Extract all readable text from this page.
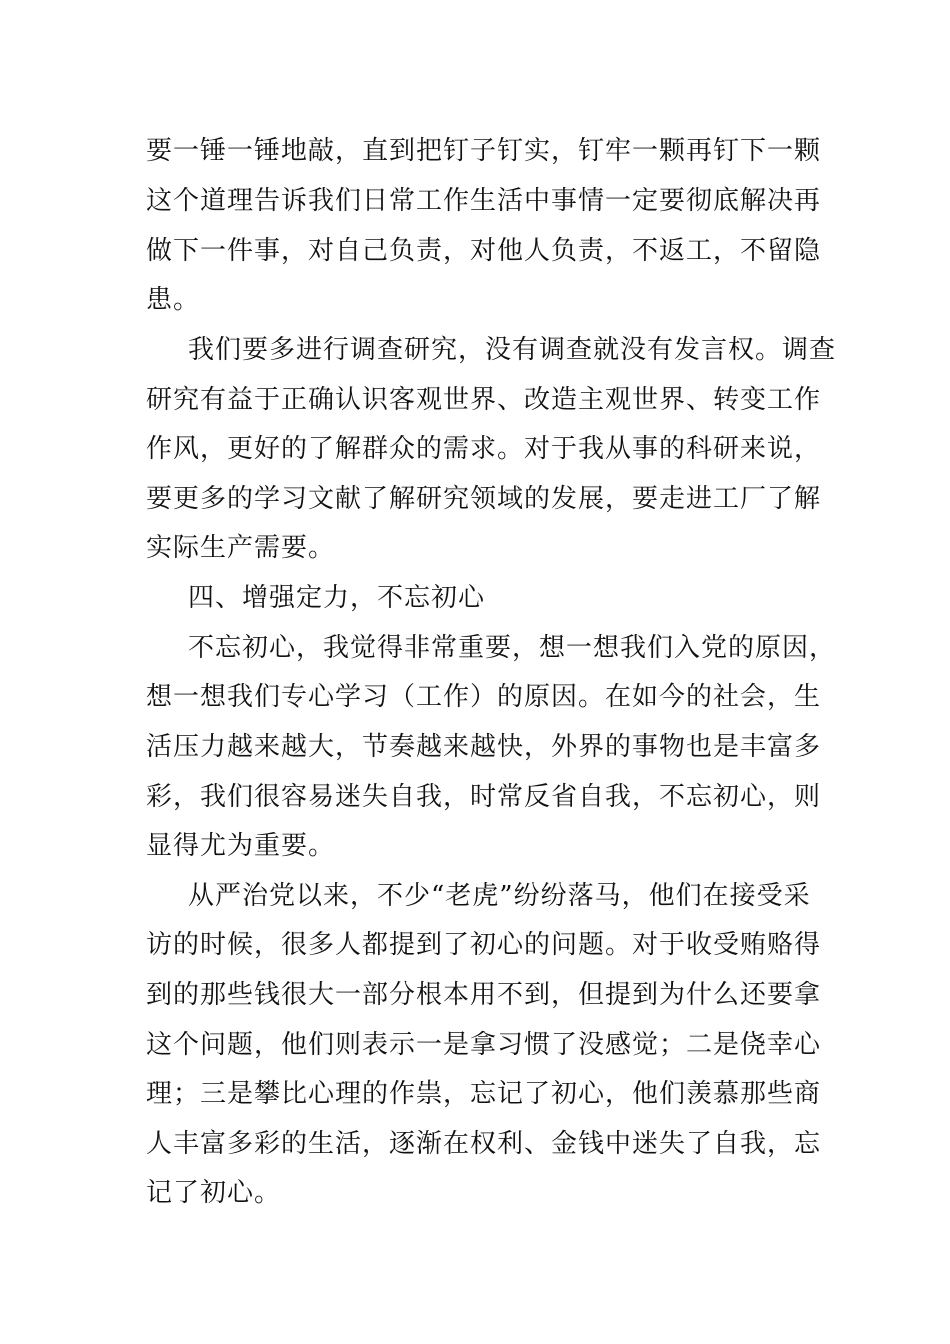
要一锤一锤地敲，直到把钉子钉实，钉牢一颗再钉下一颗
这个道理告诉我们日常工作生活中事情一定要彻底解决再
做下一件事，对自己负责，对他人负责，不返工，不留隐
患。
我们要多进行调查研究，没有调查就没有发言权。调查
研究有益于正确认识客观世界、改造主观世界、转变工作
作风，更好的了解群众的需求。对于我从事的科研来说，
要更多的学习文献了解研究领域的发展，要走进工厂了解
实际生产需要。
四、增强定力，不忘初心
不忘初心，我觉得非常重要，想一想我们入党的原因，
想一想我们专心学习（工作）的原因。在如今的社会，生
活压力越来越大，节奏越来越快，外界的事物也是丰富多
彩，我们很容易迷失自我，时常反省自我，不忘初心，则
显得尤为重要。
从严治党以来，不少“老虎”纷纷落马，他们在接受采
访的时候，很多人都提到了初心的问题。对于收受贿赂得
到的那些钱很大一部分根本用不到，但提到为什么还要拿
这个问题，他们则表示一是拿习惯了没感觉；二是侥幸心
理；三是攀比心理的作祟，忘记了初心，他们羡慕那些商
人丰富多彩的生活，逐渐在权利、金钱中迷失了自我，忘
记了初心。
